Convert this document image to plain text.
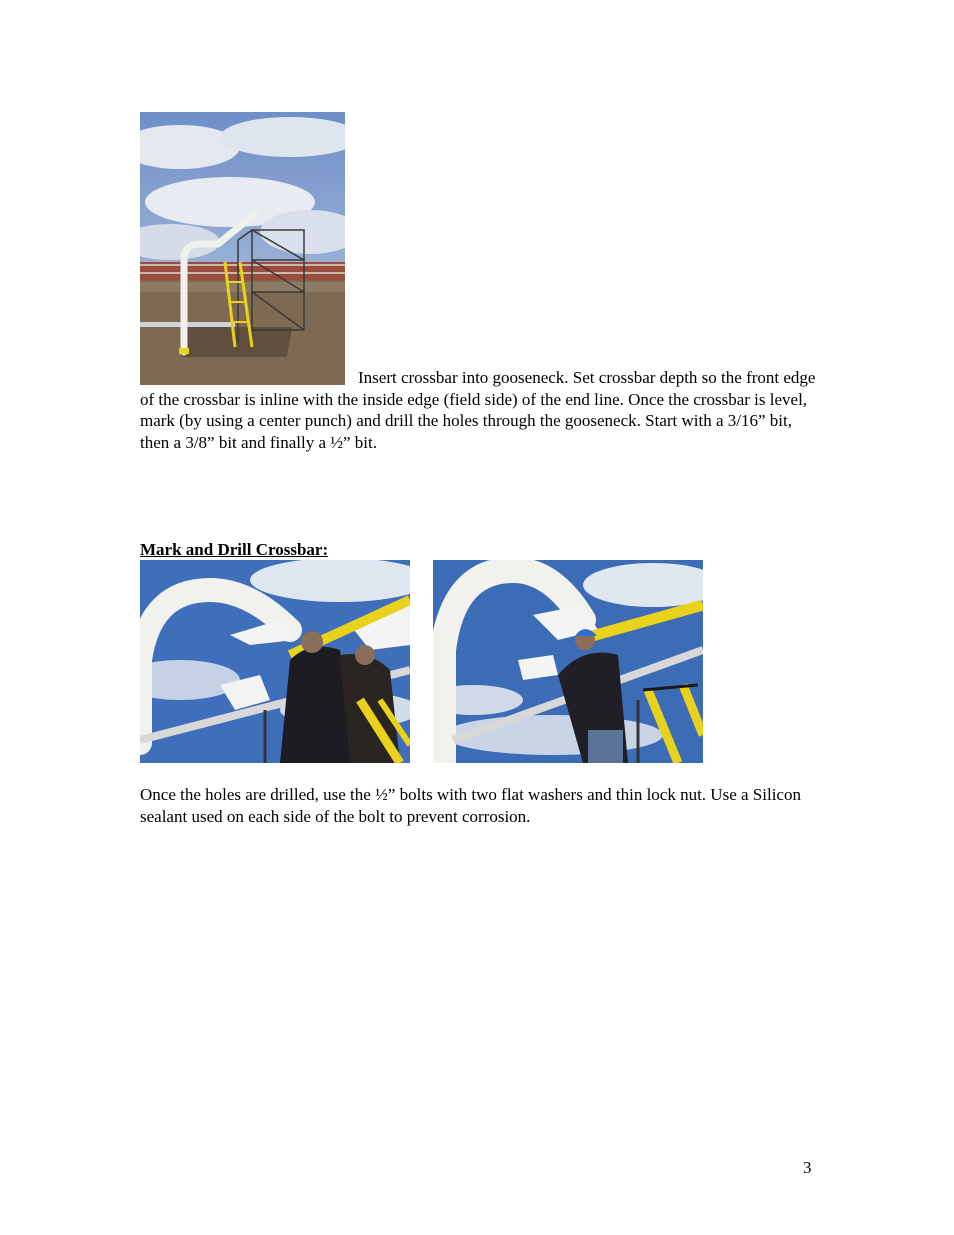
Insert crossbar into gooseneck. Set crossbar depth so the front edge of the crossbar is inline with the inside edge (field side) of the end line. Once the crossbar is level, mark (by using a center punch) and drill the holes through the gooseneck. Start with a 3/16” bit, then a 3/8” bit and finally a ½” bit.
Mark and Drill Crossbar:
Once the holes are drilled, use the ½” bolts with two flat washers and thin lock nut. Use a Silicon sealant used on each side of the bolt to prevent corrosion.
3
